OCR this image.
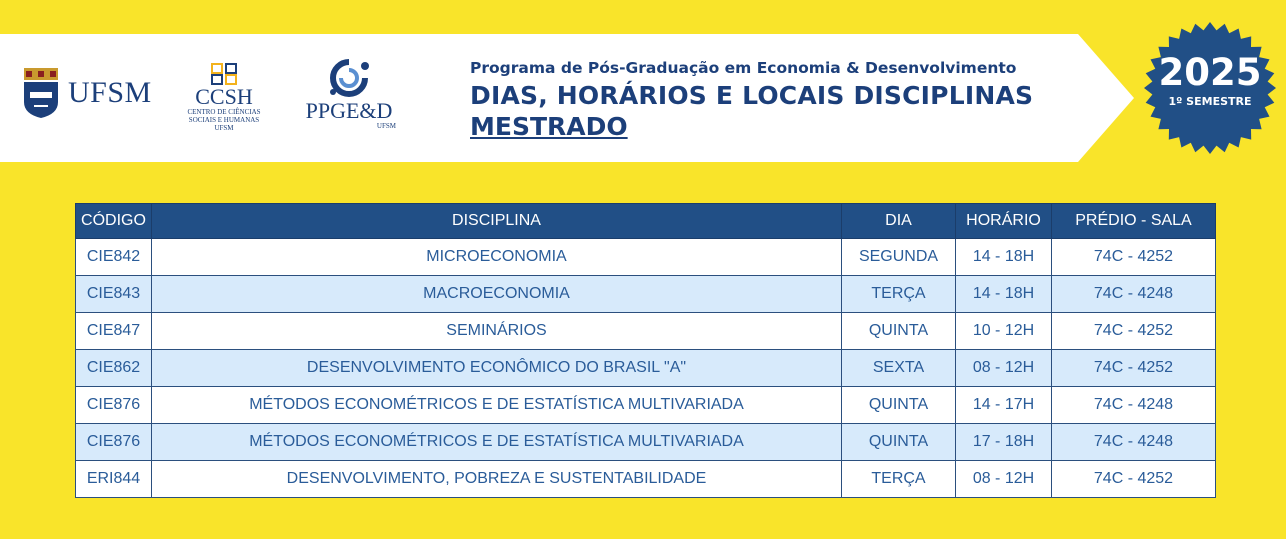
UFSM	CCSH
CENTRO DE CIÊNCIAS
SOCIAIS E HUMANAS
UFSM
PPGE&D
UFSM
Programa de Pós-Graduação em Economia & Desenvolvimento
DIAS, HORÁRIOS E LOCAIS DISCIPLINAS
MESTRADO
2025
1º SEMESTRE
CÓDIGO	DISCIPLINA	DIA	HORÁRIO	PRÉDIO - SALA
CIE842	MICROECONOMIA	SEGUNDA	14 - 18H	74C - 4252
CIE843	MACROECONOMIA	TERÇA	14 - 18H	74C - 4248
CIE847	SEMINÁRIOS	QUINTA	10 - 12H	74C - 4252
CIE862	DESENVOLVIMENTO ECONÔMICO DO BRASIL "A"	SEXTA	08 - 12H	74C - 4252
CIE876	MÉTODOS ECONOMÉTRICOS E DE ESTATÍSTICA MULTIVARIADA	QUINTA	14 - 17H	74C - 4248
CIE876	MÉTODOS ECONOMÉTRICOS E DE ESTATÍSTICA MULTIVARIADA	QUINTA	17 - 18H	74C - 4248
ERI844	DESENVOLVIMENTO, POBREZA E SUSTENTABILIDADE	TERÇA	08 - 12H	74C - 4252
